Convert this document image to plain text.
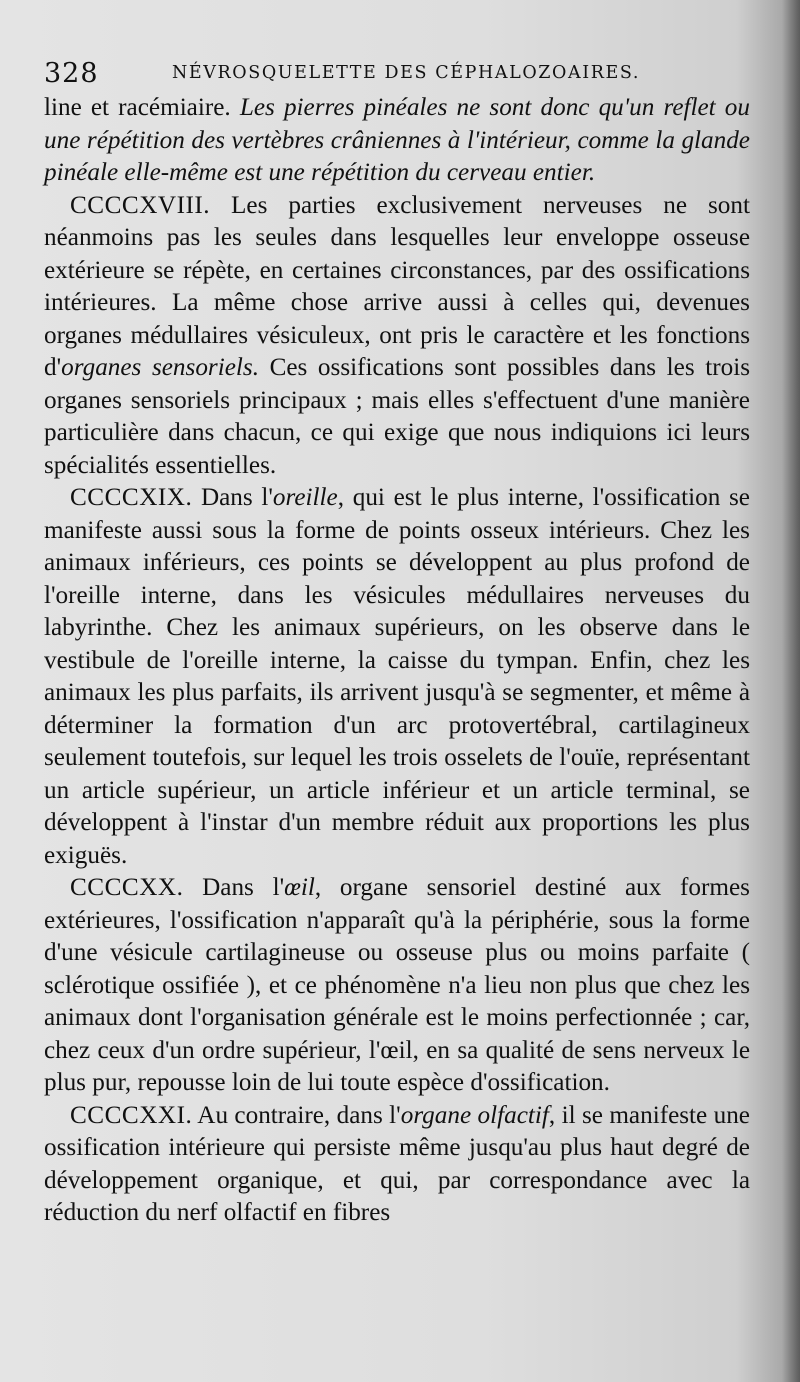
328	NÉVROSQUELETTE DES CÉPHALOZOAIRES.

line et racémiaire. Les pierres pinéales ne sont donc qu'un reflet ou une répétition des vertèbres crâniennes à l'intérieur, comme la glande pinéale elle-même est une répétition du cerveau entier.

CCCCXVIII. Les parties exclusivement nerveuses ne sont néanmoins pas les seules dans lesquelles leur enveloppe osseuse extérieure se répète, en certaines circonstances, par des ossifications intérieures. La même chose arrive aussi à celles qui, devenues organes médullaires vésiculeux, ont pris le caractère et les fonctions d'organes sensoriels. Ces ossifications sont possibles dans les trois organes sensoriels principaux ; mais elles s'effectuent d'une manière particulière dans chacun, ce qui exige que nous indiquions ici leurs spécialités essentielles.

CCCCXIX. Dans l'oreille, qui est le plus interne, l'ossification se manifeste aussi sous la forme de points osseux intérieurs. Chez les animaux inférieurs, ces points se développent au plus profond de l'oreille interne, dans les vésicules médullaires nerveuses du labyrinthe. Chez les animaux supérieurs, on les observe dans le vestibule de l'oreille interne, la caisse du tympan. Enfin, chez les animaux les plus parfaits, ils arrivent jusqu'à se segmenter, et même à déterminer la formation d'un arc protovertébral, cartilagineux seulement toutefois, sur lequel les trois osselets de l'ouïe, représentant un article supérieur, un article inférieur et un article terminal, se développent à l'instar d'un membre réduit aux proportions les plus exiguës.

CCCCXX. Dans l'œil, organe sensoriel destiné aux formes extérieures, l'ossification n'apparaît qu'à la périphérie, sous la forme d'une vésicule cartilagineuse ou osseuse plus ou moins parfaite ( sclérotique ossifiée ), et ce phénomène n'a lieu non plus que chez les animaux dont l'organisation générale est le moins perfectionnée ; car, chez ceux d'un ordre supérieur, l'œil, en sa qualité de sens nerveux le plus pur, repousse loin de lui toute espèce d'ossification.

CCCCXXI. Au contraire, dans l'organe olfactif, il se manifeste une ossification intérieure qui persiste même jusqu'au plus haut degré de développement organique, et qui, par correspondance avec la réduction du nerf olfactif en fibres
